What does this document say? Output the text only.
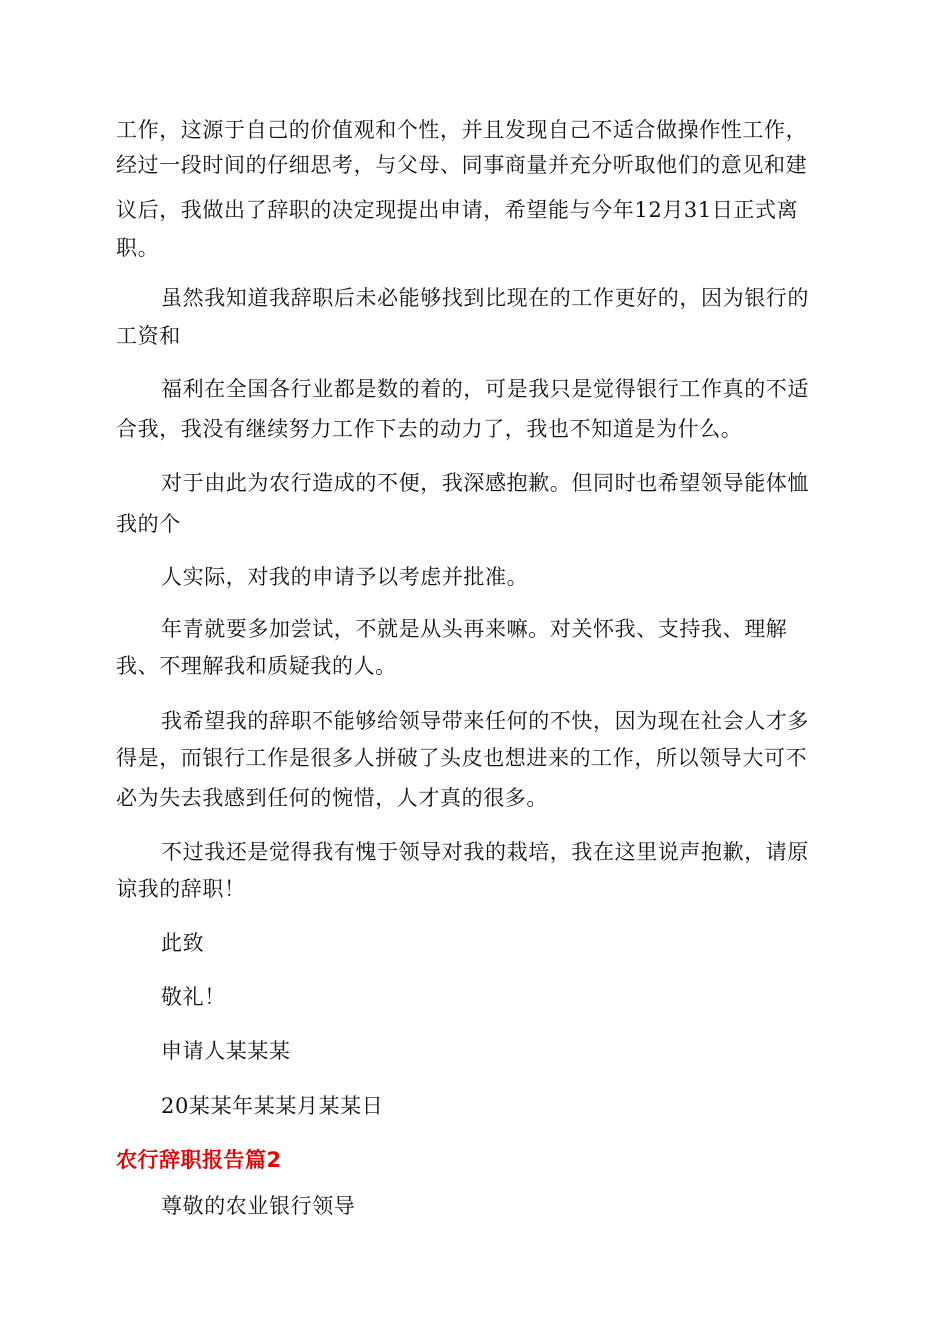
工作，这源于自己的价值观和个性，并且发现自己不适合做操作性工作，
经过一段时间的仔细思考，与父母、同事商量并充分听取他们的意见和建
议后，我做出了辞职的决定现提出申请，希望能与今年12月31日正式离
职。
虽然我知道我辞职后未必能够找到比现在的工作更好的，因为银行的
工资和
福利在全国各行业都是数的着的，可是我只是觉得银行工作真的不适
合我，我没有继续努力工作下去的动力了，我也不知道是为什么。
对于由此为农行造成的不便，我深感抱歉。但同时也希望领导能体恤
我的个
人实际，对我的申请予以考虑并批准。
年青就要多加尝试，不就是从头再来嘛。对关怀我、支持我、理解
我、不理解我和质疑我的人。
我希望我的辞职不能够给领导带来任何的不快，因为现在社会人才多
得是，而银行工作是很多人拼破了头皮也想进来的工作，所以领导大可不
必为失去我感到任何的惋惜，人才真的很多。
不过我还是觉得我有愧于领导对我的栽培，我在这里说声抱歉，请原
谅我的辞职！
此致
敬礼！
申请人某某某
20某某年某某月某某日
农行辞职报告篇2
尊敬的农业银行领导
